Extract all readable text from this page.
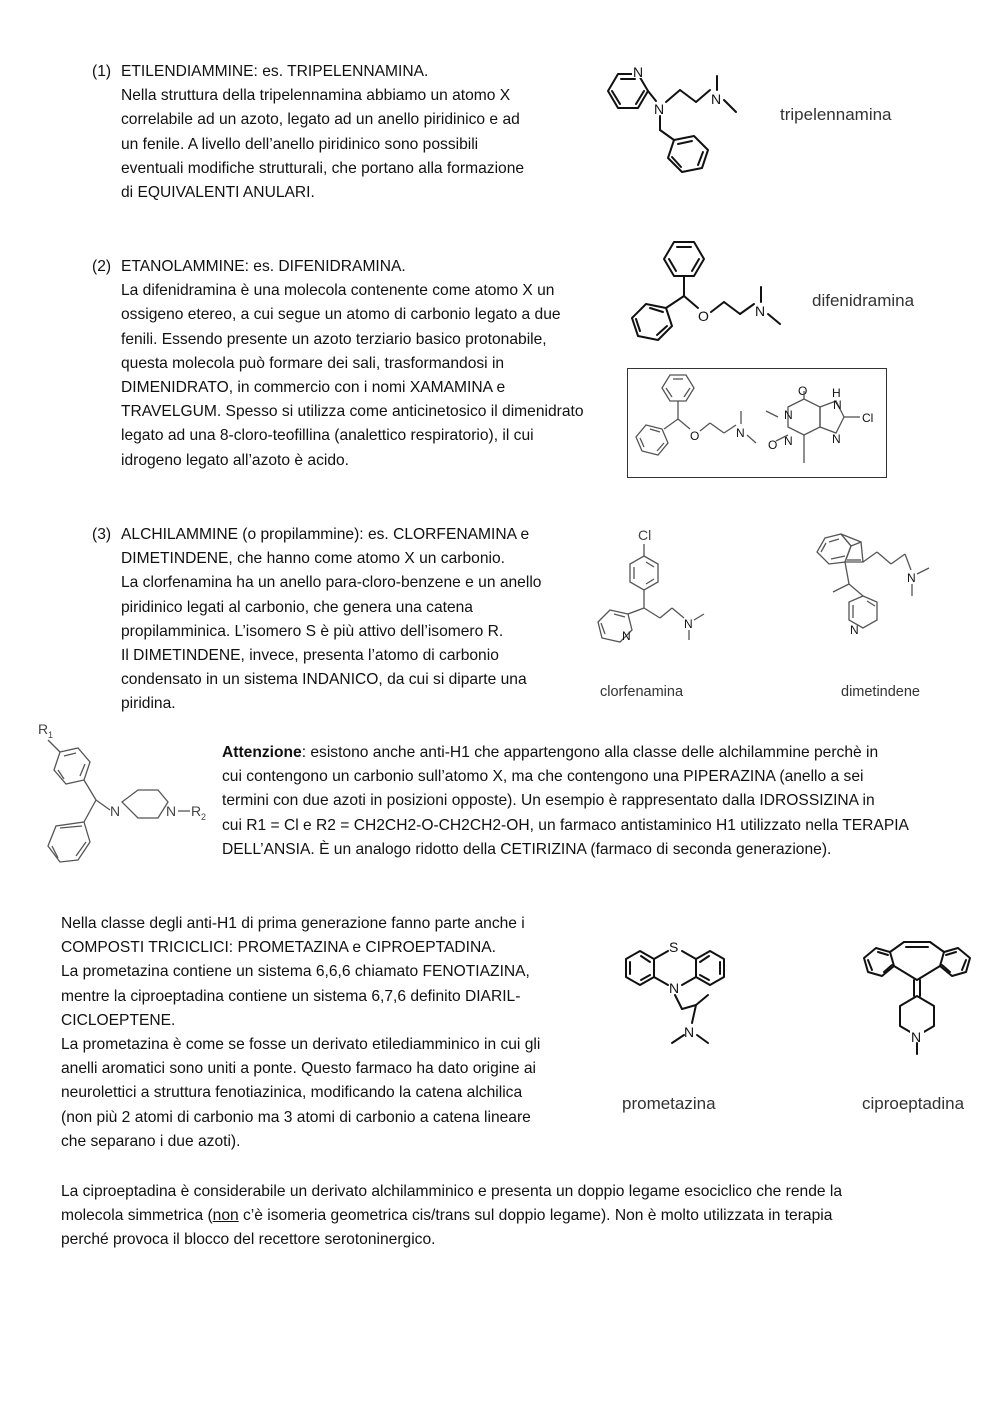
(1) ETILENDIAMMINE: es. TRIPELENNAMINA.
Nella struttura della tripelennamina abbiamo un atomo X
correlabile ad un azoto, legato ad un anello piridinico e ad
un fenile. A livello dell’anello piridinico sono possibili
eventuali modifiche strutturali, che portano alla formazione
di EQUIVALENTI ANULARI.
N
N
N
tripelennamina
(2) ETANOLAMMINE: es. DIFENIDRAMINA.
La difenidramina è una molecola contenente come atomo X un
ossigeno etereo, a cui segue un atomo di carbonio legato a due
fenili. Essendo presente un azoto terziario basico protonabile,
questa molecola può formare dei sali, trasformandosi in
DIMENIDRATO, in commercio con i nomi XAMAMINA e
TRAVELGUM. Spesso si utilizza come anticinetosico il dimenidrato
legato ad una 8-cloro-teofillina (analettico respiratorio), il cui
idrogeno legato all’azoto è acido.
O	N
difenidramina
O	N
N
N
O
O
H
N
N
Cl
(3) ALCHILAMMINE (o propilammine): es. CLORFENAMINA e
DIMETINDENE, che hanno come atomo X un carbonio.
La clorfenamina ha un anello para-cloro-benzene e un anello
piridinico legati al carbonio, che genera una catena
propilamminica. L’isomero S è più attivo dell’isomero R.
Il DIMETINDENE, invece, presenta l’atomo di carbonio
condensato in un sistema INDANICO, da cui si diparte una
piridina.
Cl
N
N
clorfenamina
N
N
dimetindene
R 1
N	N R 2
Attenzione: esistono anche anti-H1 che appartengono alla classe delle alchilammine perchè in
cui contengono un carbonio sull’atomo X, ma che contengono una PIPERAZINA (anello a sei
termini con due azoti in posizioni opposte). Un esempio è rappresentato dalla IDROSSIZINA in
cui R1 = Cl e R2 = CH2CH2-O-CH2CH2-OH, un farmaco antistaminico H1 utilizzato nella TERAPIA
DELL’ANSIA. È un analogo ridotto della CETIRIZINA (farmaco di seconda generazione).
Nella classe degli anti-H1 di prima generazione fanno parte anche i
COMPOSTI TRICICLICI: PROMETAZINA e CIPROEPTADINA.
La prometazina contiene un sistema 6,6,6 chiamato FENOTIAZINA,
mentre la ciproeptadina contiene un sistema 6,7,6 definito DIARIL-
CICLOEPTENE.
La prometazina è come se fosse un derivato etilediamminico in cui gli
anelli aromatici sono uniti a ponte. Questo farmaco ha dato origine ai
neurolettici a struttura fenotiazinica, modificando la catena alchilica
(non più 2 atomi di carbonio ma 3 atomi di carbonio a catena lineare
che separano i due azoti).
S
N
N
prometazina
N
ciproeptadina
La ciproeptadina è considerabile un derivato alchilamminico e presenta un doppio legame esociclico che rende la
molecola simmetrica (non c’è isomeria geometrica cis/trans sul doppio legame). Non è molto utilizzata in terapia
perché provoca il blocco del recettore serotoninergico.
